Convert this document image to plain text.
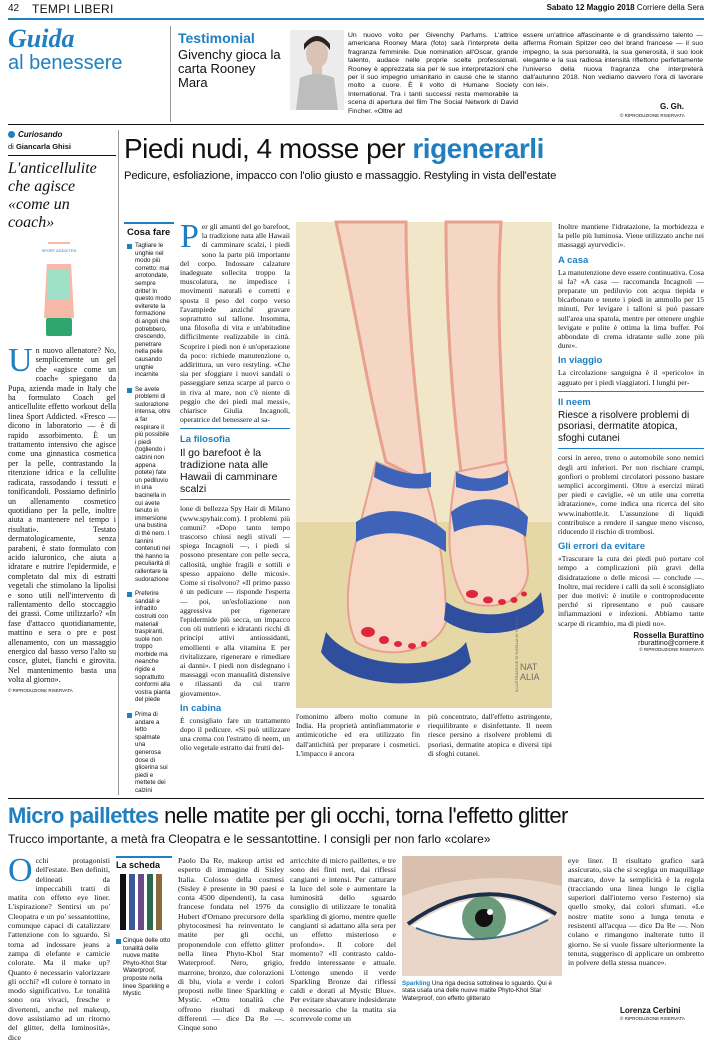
42 TEMPI LIBERI	Sabato 12 Maggio 2018 Corriere della Sera
Guida
al benessere
Testimonial
Givenchy gioca la carta Rooney Mara
Un nuovo volto per Givenchy Parfums. L'attrice americana Rooney Mara (foto) sarà l'interprete della fragranza femminile. Due nomination all'Oscar, grande talento, audace nelle proprie scelte professionali. Rooney è apprezzata sia per le sue interpretazioni che per il suo impegno umanitario in cause che le stanno molto a cuore. È il volto di Humane Society International. Tra i tanti successi resta memorabile la scena di apertura del film The Social Network di David Fincher. «Oltre ad
essere un'attrice affascinante e di grandissimo talento —afferma Romain Spitzer ceo del brand francese — il suo impegno, la sua personalità, la sua generosità, il suo look elegante e la sua radiosa intensità riflettono perfettamente l'universo della nuova fragranza che interpreterà dall'autunno 2018. Non vediamo davvero l'ora di lavorare con lei».
G. Gh.
© RIPRODUZIONE RISERVATA
Curiosando
di Giancarla Ghisi
L'anticellulite che agisce «come un coach»
SPORT ADDICTED
Un nuovo allenatore? No, semplicemente un gel che «agisce come un coach» spiegano da Pupa, azienda made in Italy che ha formulato Coach gel anticellulite effetto workout della linea Sport Addicted. «Fresco — dicono in laboratorio — è di rapido assorbimento. È un trattamento intensivo che agisce come una ginnastica cosmetica per la pelle, contrastando la ritenzione idrica e la cellulite radicata, rassodando i tessuti e tonificandoli. Possiamo definirlo un allenamento cosmetico quotidiano per la pelle, inoltre aiuta a mantenere nel tempo i risultati». Testato dermatologicamente, senza parabeni, è stato formulato con acido ialuronico, che aiuta a idratare e nutrire l'epidermide, e completato dal mix di estratti vegetali che stimolano la lipolisi e sono utili nell'intervento di rallentamento dello stoccaggio dei grassi. Come utilizzarlo? «In fase d'attacco quotidianamente, mattino e sera o pre e post allenamento, con un massaggio energico dal basso verso l'alto su cosce, glutei, fianchi e girovita. Nel mantenimento basta una volta al giorno».
© RIPRODUZIONE RISERVATA
Piedi nudi, 4 mosse per rigenerarli
Pedicure, esfoliazione, impacco con l'olio giusto e massaggio. Restyling in vista dell'estate
Cosa fare
Tagliare le unghie nel modo più corretto: mai arrotondate, sempre dritte! In questo modo eviterete la formazione di angoli che potrebbero, crescendo, penetrare nella pelle causando unghie incarnite
Se avete problemi di sudorazione intensa, oltre a far respirare il più possibile i piedi (togliendo i calzini non appena potete) fate un pediluvio in una bacinella in cui avete tenuto in immersione una bustina di thè nero. I tannini contenuti nel thè hanno la peculiarità di rallentare la sudorazione
Preferire sandali e infradito costruiti con materiali traspiranti, suole non troppo morbide ma neanche rigide e soprattutto conformi alla vostra pianta del piede
Prima di andare a letto spalmate una generosa dose di glicerina sui piedi e mettete dei calzini
Per gli amanti del go barefoot, la tradizione nata alle Hawaii di camminare scalzi, i piedi sono la parte più importante del corpo. Indossare calzature inadeguate sollecita troppo la muscolatura, ne impedisce i movimenti naturali e corretti e sposta il peso del corpo verso l'avampiede anziché gravare soprattutto sul tallone. Insomma, una filosofia di vita e un'abitudine difficilmente realizzabile in città. Scoprire i piedi non è un'operazione da poco: richiede manutenzione o, addirittura, un vero restyling. «Che sia per sfoggiare i nuovi sandali o passeggiare senza scarpe al parco o in riva al mare, non c'è niente di peggio che dei piedi mal messi», chiarisce Giulia Incagnoli, operatrice del benessere al sa-
La filosofia
Il go barefoot è la tradizione nata alle Hawaii di camminare scalzi
lone di bellezza Spy Hair di Milano (www.spyhair.com). I problemi più comuni? «Dopo tanto tempo trascorso chiusi negli stivali — spiega Incagnoli —, i piedi si possono presentare con pelle secca, callosità, unghie fragili e sottili e spesso appaiono delle micosi». Come si risolvono? «Il primo passo è un pedicure — risponde l'esperta — poi, un'esfoliazione non aggressiva per rigenerare l'epidermide più secca, un impacco con oli nutrienti e idratanti ricchi di principi attivi antiossidanti, emollienti e alla vitamina E per rivitalizzare, rigenerare e rimediare ai danni». I piedi non disdegnano i massaggi «con manualità distensive e rilassanti da cui trarre giovamento».
In cabina
È consigliato fare un trattamento dopo il pedicure. «Si può utilizzare una crema con l'estratto di neem, un olio vegetale estratto dai frutti del-
NAT ALIA
ILLUSTRAZIONE DI NATALIA DI GRAZIA
l'omonimo albero molto comune in India. Ha proprietà antinfiammatorie e antimicotiche ed era utilizzato fin dall'antichità per preparare i cosmetici. L'impacco è ancora
più concentrato, dall'effetto astringente, riequilibrante e disinfettante. Il neem riesce persino a risolvere problemi di psoriasi, dermatite atopica e diversi tipi di sfoghi cutanei.
Inoltre mantiene l'idratazione, la morbidezza e la pelle più luminosa. Viene utilizzato anche nei massaggi ayurvedici».
A casa
La manutenzione deve essere continuativa. Cosa si fa? «A casa — raccomanda Incagnoli — preparate un pediluvio con acqua tiepida e bicarbonato e tenete i piedi in ammollo per 15 minuti. Per levigare i talloni si può passare sull'area una spatola, mentre per ottenere unghie levigate e pulite è ottima la lima buffer. Poi abbondate di crema idratante sulle zone più dure».
In viaggio
La circolazione sanguigna è il «pericolo» in agguato per i piedi viaggiatori. I lunghi per-
Il neem
Riesce a risolvere problemi di psoriasi, dermatite atopica, sfoghi cutanei
corsi in aereo, treno o automobile sono nemici degli arti inferiori. Per non rischiare crampi, gonfiori o problemi circolatori possono bastare semplici accorgimenti. Oltre a esercizi mirati per piedi e caviglie, «è un utile una corretta idratazione», come indica una ricerca del sito www.inabottle.it. L'assunzione di liquidi contribuisce a rendere il sangue meno viscoso, riducendo il rischio di trombosi.
Gli errori da evitare
«Trascurare la cura dei piedi può portare col tempo a complicazioni più gravi della disidratazione o delle micosi — conclude —. Inoltre, mai recidere i calli da soli è sconsigliato per due motivi: è inutile e controproducente perché si ripresentano e può causare infiammazioni e infezioni. Abbiamo tante scarpe di ricambio, ma di piedi no».
Rossella Burattino
rburattino@corriere.it
© RIPRODUZIONE RISERVATA
Micro paillettes nelle matite per gli occhi, torna l'effetto glitter
Trucco importante, a metà fra Cleopatra e le sessantottine. I consigli per non farlo «colare»
Occhi protagonisti dell'estate. Ben definiti, delineati da impeccabili tratti di matita con effetto eye liner. L'ispirazione? Sentirsi un po' Cleopatra e un po' sessantottine, comunque capaci di catalizzare l'attenzione con lo sguardo. Si torna ad indossare jeans a zampa di elefante e camicie colorate. Ma il make up? Quanto è necessario valorizzare gli occhi? «Il colore è tornato in modo significativo. Le tonalità sono ora vivaci, fresche e divertenti, anche nel makeup, dove assistiamo ad un ritorno del glitter, della luminosità», dice
La scheda
Cinque delle otto tonalità delle nuove matite Phyto-Khol Star Waterproof, proposte nella linee Sparkling e Mystic
Paolo Da Re, makeup artist ed esperto di immagine di Sisley Italia. Colosso della cosmesi (Sisley è presente in 90 paesi e conta 4500 dipendenti), la casa francese fondata nel 1976 da Hubert d'Ornano precursore della phytocosmesi ha reinventato le matite per gli occhi, proponendole con effetto glitter nella linea Phyto-Khol Star Waterproof. Nero, grigio, marrone, bronzo, due colorazioni di blu, viola e verde i colori proposti nelle linee Sparkling e Mystic. «Otto tonalità che offrono risultati di makeup differenti — dice Da Re —. Cinque sono
arricchite di micro paillettes, e tre sono dei finti neri, dai riflessi cangianti e intensi. Per catturare la luce del sole e aumentare la luminosità dello sguardo consiglio di utilizzare le tonalità sparkling di giorno, mentre quelle cangianti si adattano alla sera per un effetto misterioso e profondo». Il colore del momento? «Il contrasto caldo-freddo interessante e attuale. L'ottengo unendo il verde Sparkling Bronze dai riflessi caldi e dorati al Mystic Blue». Per evitare sbavature indesiderate è necessario che la matita sia scorrevole come un
Sparkling Una riga decisa sottolinea lo sguardo. Qui è stata usata una delle nuove matite Phyto-Khol Star Waterproof, con effetto glitterato
eye liner. Il risultato grafico sarà assicurato, sia che si sceglga un maquillage marcato, dove la semplicità è la regola (tracciando una linea lungo le ciglia superiori dall'interno verso l'esterno) sia quello smoky, dai colori sfumati. «Le nostre matite sono a lunga tenuta e resistenti all'acqua — dice Da Re —. Non colano e rimangono inalterate tutto il giorno. Se si vuole fissare ulteriormente la tenuta, suggerisco di applicare un ombretto in polvere della stessa nuance».
Lorenza Cerbini
© RIPRODUZIONE RISERVATA
